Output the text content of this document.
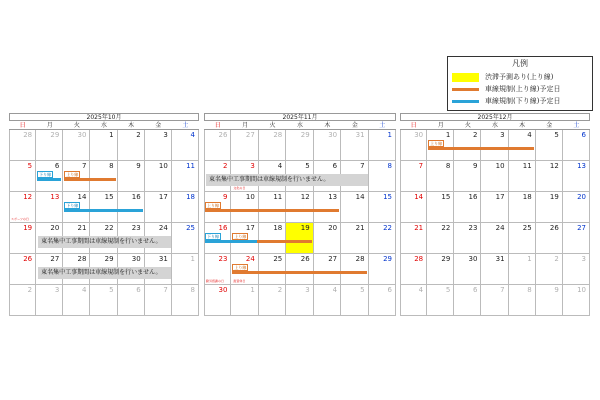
凡例
渋滞予測あり(上り線)
車線規制(上り線)予定日
車線規制(下り線)予定日
2025年10月
日	月	火	水	木	金	土
28	29	30	1	2	3	4
5	6	7	8	9	10	11
12	13	14	15	16	17	18
19	20	21	22	23	24	25
26	27	28	29	30	31	1
2	3	4	5	6	7	8
スポーツの日
上り線
下り線
下り線
東名集中工事期間は車線規制を行いません。
東名集中工事期間は車線規制を行いません。
2025年11月
日	月	火	水	木	金	土
26	27	28	29	30	31	1
2	3	4	5	6	7	8
9	10	11	12	13	14	15
16	17	18	19	20	21	22
23	24	25	26	27	28	29
30	1	2	3	4	5	6
文化の日
勤労感謝の日	振替休日
上り線
上り線
下り線
上り線
東名集中工事期間は車線規制を行いません。
2025年12月
日	月	火	水	木	金	土
30	1	2	3	4	5	6
7	8	9	10	11	12	13
14	15	16	17	18	19	20
21	22	23	24	25	26	27
28	29	30	31	1	2	3
4	5	6	7	8	9	10
上り線
